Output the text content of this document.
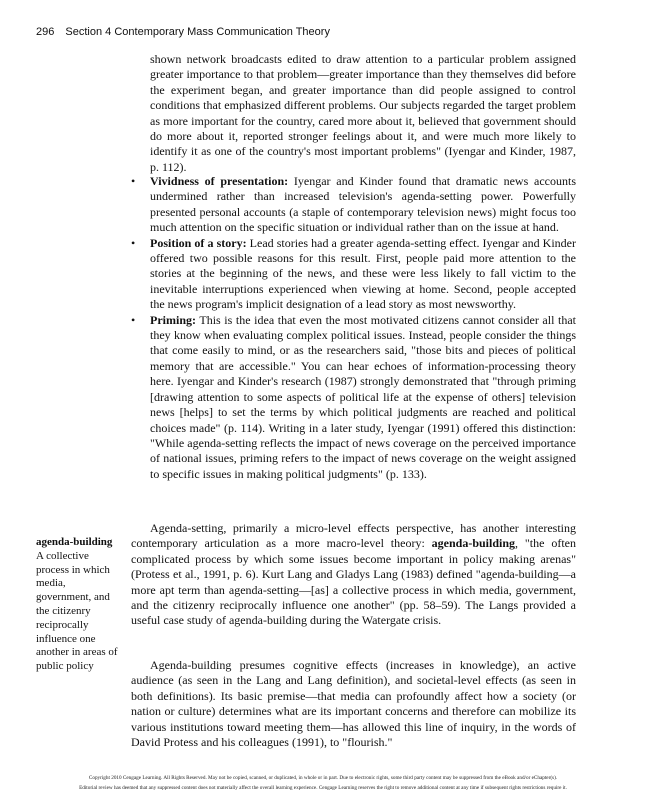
296 Section 4 Contemporary Mass Communication Theory

shown network broadcasts edited to draw attention to a particular problem assigned greater importance to that problem—greater importance than they themselves did before the experiment began, and greater importance than did people assigned to control conditions that emphasized different problems. Our subjects regarded the target problem as more important for the country, cared more about it, believed that government should do more about it, reported stronger feelings about it, and were much more likely to identify it as one of the country's most important problems" (Iyengar and Kinder, 1987, p. 112).

• Vividness of presentation: Iyengar and Kinder found that dramatic news accounts undermined rather than increased television's agenda-setting power. Powerfully presented personal accounts (a staple of contemporary television news) might focus too much attention on the specific situation or individual rather than on the issue at hand.
• Position of a story: Lead stories had a greater agenda-setting effect. Iyengar and Kinder offered two possible reasons for this result. First, people paid more attention to the stories at the beginning of the news, and these were less likely to fall victim to the inevitable interruptions experienced when viewing at home. Second, people accepted the news program's implicit designation of a lead story as most newsworthy.
• Priming: This is the idea that even the most motivated citizens cannot consider all that they know when evaluating complex political issues. Instead, people consider the things that come easily to mind, or as the researchers said, "those bits and pieces of political memory that are accessible." You can hear echoes of information-processing theory here. Iyengar and Kinder's research (1987) strongly demonstrated that "through priming [drawing attention to some aspects of political life at the expense of others] television news [helps] to set the terms by which political judgments are reached and political choices made" (p. 114). Writing in a later study, Iyengar (1991) offered this distinction: "While agenda-setting reflects the impact of news coverage on the perceived importance of national issues, priming refers to the impact of news coverage on the weight assigned to specific issues in making political judgments" (p. 133).
agenda-building
A collective process in which media, government, and the citizenry reciprocally influence one another in areas of public policy

Agenda-setting, primarily a micro-level effects perspective, has another interesting contemporary articulation as a more macro-level theory: agenda-building, "the often complicated process by which some issues become important in policy making arenas" (Protess et al., 1991, p. 6). Kurt Lang and Gladys Lang (1983) defined "agenda-building—a more apt term than agenda-setting—[as] a collective process in which media, government, and the citizenry reciprocally influence one another" (pp. 58–59). The Langs provided a useful case study of agenda-building during the Watergate crisis.

Agenda-building presumes cognitive effects (increases in knowledge), an active audience (as seen in the Lang and Lang definition), and societal-level effects (as seen in both definitions). Its basic premise—that media can profoundly affect how a society (or nation or culture) determines what are its important concerns and therefore can mobilize its various institutions toward meeting them—has allowed this line of inquiry, in the words of David Protess and his colleagues (1991), to "flourish."

Copyright 2010 Cengage Learning. All Rights Reserved. May not be copied, scanned, or duplicated, in whole or in part. Due to electronic rights, some third party content may be suppressed from the eBook and/or eChapter(s).
Editorial review has deemed that any suppressed content does not materially affect the overall learning experience. Cengage Learning reserves the right to remove additional content at any time if subsequent rights restrictions require it.
